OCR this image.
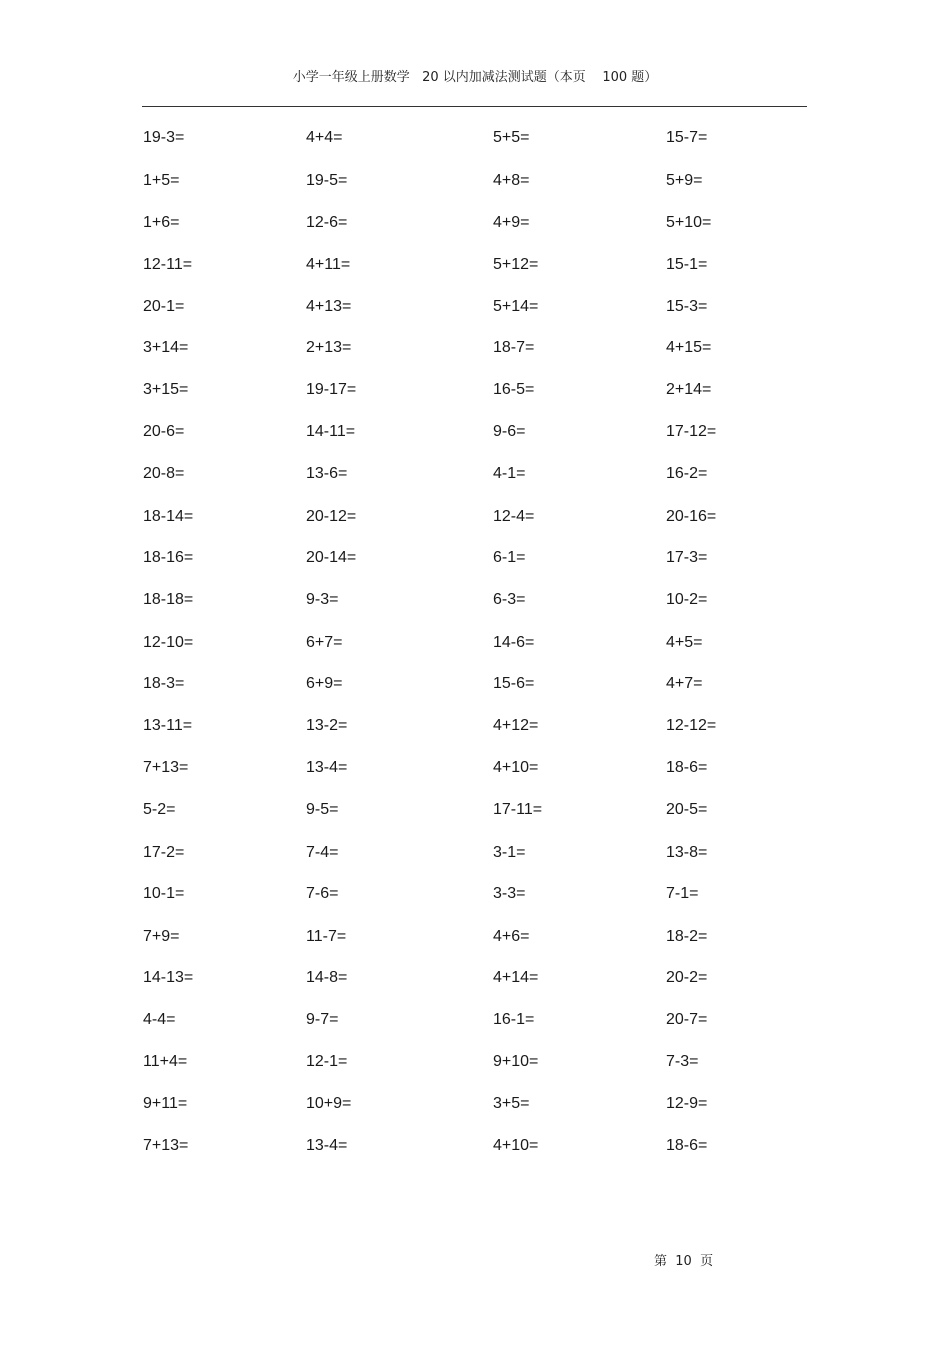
小学一年级上册数学   20 以内加减法测试题（本页    100 题）
19-3=	4+4=	5+5=	15-7=
1+5=	19-5=	4+8=	5+9=
1+6=	12-6=	4+9=	5+10=
12-11=	4+11=	5+12=	15-1=
20-1=	4+13=	5+14=	15-3=
3+14=	2+13=	18-7=	4+15=
3+15=	19-17=	16-5=	2+14=
20-6=	14-11=	9-6=	17-12=
20-8=	13-6=	4-1=	16-2=
18-14=	20-12=	12-4=	20-16=
18-16=	20-14=	6-1=	17-3=
18-18=	9-3=	6-3=	10-2=
12-10=	6+7=	14-6=	4+5=
18-3=	6+9=	15-6=	4+7=
13-11=	13-2=	4+12=	12-12=
7+13=	13-4=	4+10=	18-6=
5-2=	9-5=	17-11=	20-5=
17-2=	7-4=	3-1=	13-8=
10-1=	7-6=	3-3=	7-1=
7+9=	11-7=	4+6=	18-2=
14-13=	14-8=	4+14=	20-2=
4-4=	9-7=	16-1=	20-7=
11+4=	12-1=	9+10=	7-3=
9+11=	10+9=	3+5=	12-9=
7+13=	13-4=	4+10=	18-6=
第  10  页
